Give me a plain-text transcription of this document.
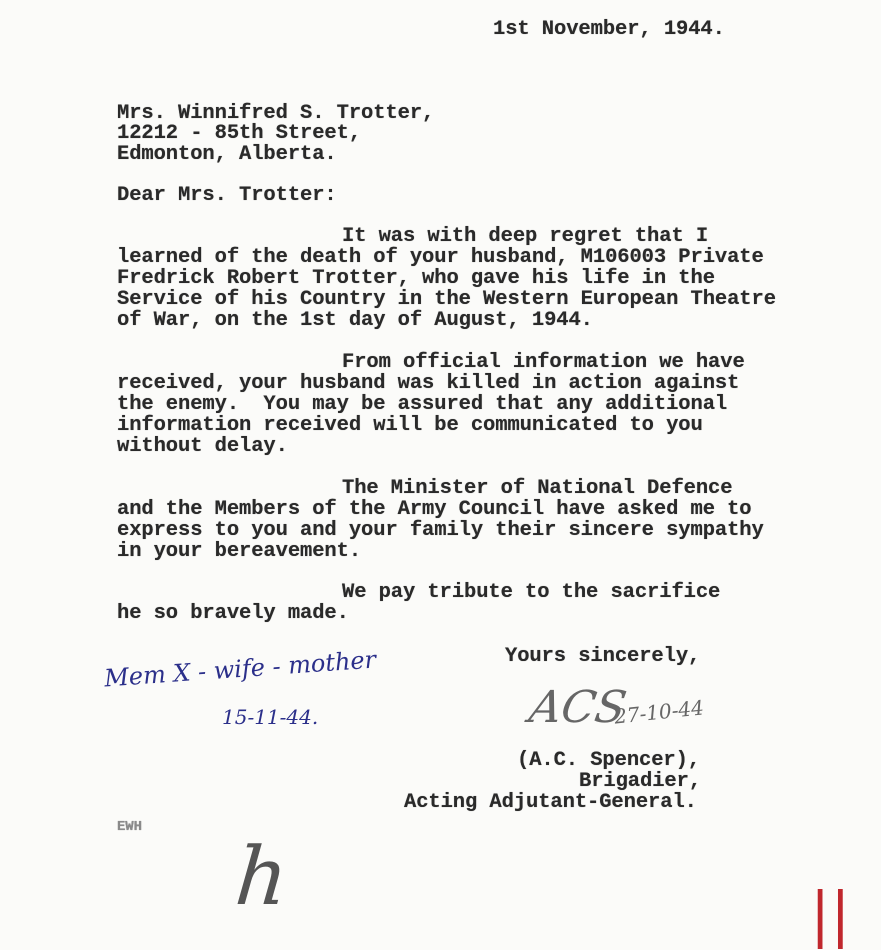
1st November, 1944.
Mrs. Winnifred S. Trotter,
12212 - 85th Street,
Edmonton, Alberta.
Dear Mrs. Trotter:
It was with deep regret that I
learned of the death of your husband, M106003 Private
Fredrick Robert Trotter, who gave his life in the
Service of his Country in the Western European Theatre
of War, on the 1st day of August, 1944.
From official information we have
received, your husband was killed in action against
the enemy.  You may be assured that any additional
information received will be communicated to you
without delay.
The Minister of National Defence
and the Members of the Army Council have asked me to
express to you and your family their sincere sympathy
in your bereavement.
We pay tribute to the sacrifice
he so bravely made.
Yours sincerely,
Mem X - wife - mother
15-11-44.	ACS
27-10-44
(A.C. Spencer),
Brigadier,
Acting Adjutant-General.
EWH
h	||
